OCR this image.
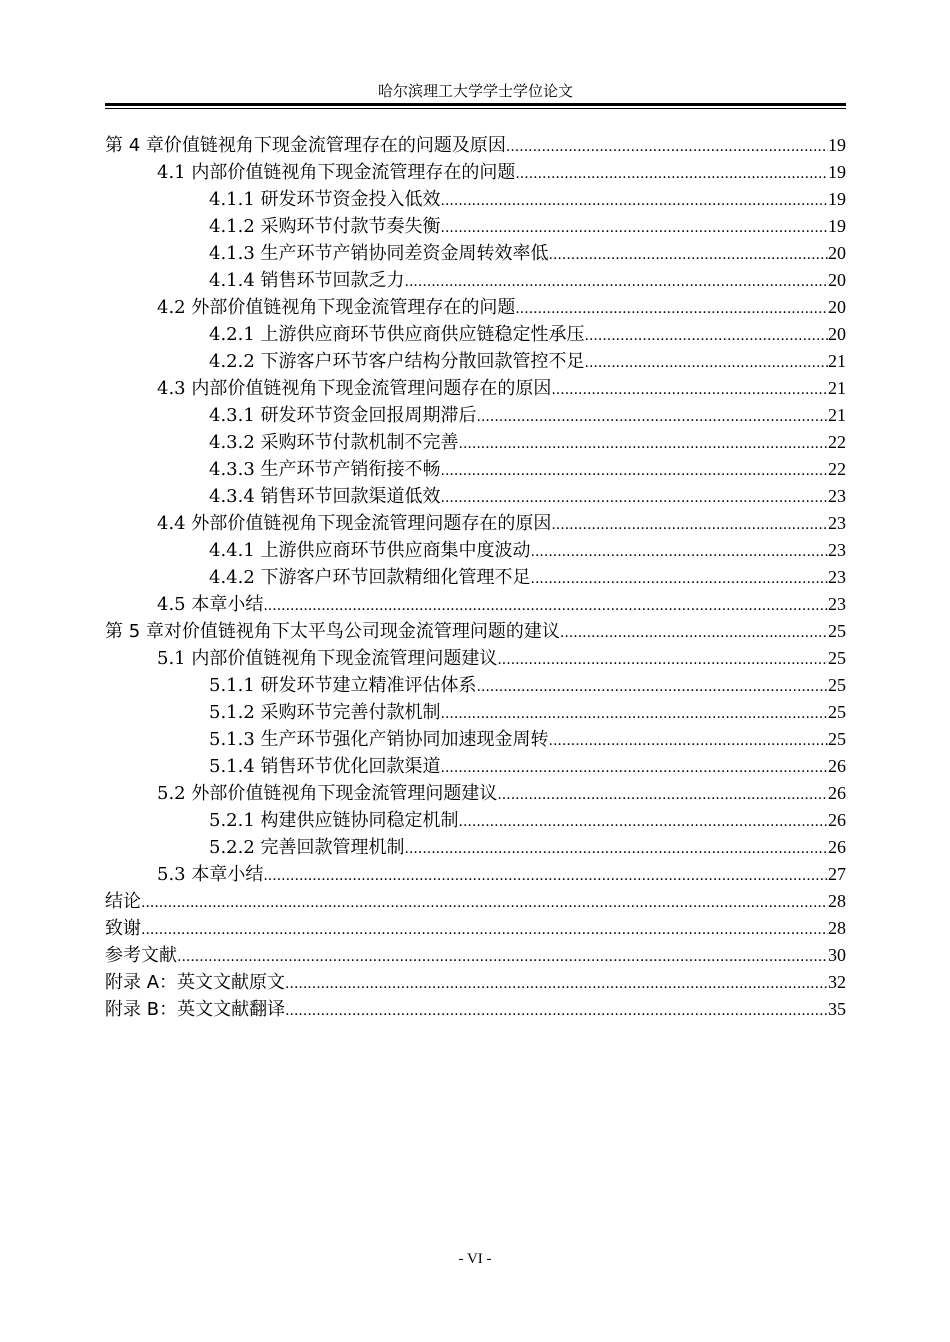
哈尔滨理工大学学士学位论文
第 4 章价值链视角下现金流管理存在的问题及原因 .....	19
4.1 内部价值链视角下现金流管理存在的问题 .....	19
4.1.1 研发环节资金投入低效 .....	19
4.1.2 采购环节付款节奏失衡 .....	19
4.1.3 生产环节产销协同差资金周转效率低 .....	20
4.1.4 销售环节回款乏力 .....	20
4.2 外部价值链视角下现金流管理存在的问题 .....	20
4.2.1 上游供应商环节供应商供应链稳定性承压 .....	20
4.2.2 下游客户环节客户结构分散回款管控不足 .....	21
4.3 内部价值链视角下现金流管理问题存在的原因 .....	21
4.3.1 研发环节资金回报周期滞后 .....	21
4.3.2 采购环节付款机制不完善 .....	22
4.3.3 生产环节产销衔接不畅 .....	22
4.3.4 销售环节回款渠道低效 .....	23
4.4 外部价值链视角下现金流管理问题存在的原因 .....	23
4.4.1 上游供应商环节供应商集中度波动 .....	23
4.4.2 下游客户环节回款精细化管理不足 .....	23
4.5 本章小结 .....	23
第 5 章对价值链视角下太平鸟公司现金流管理问题的建议 .....	25
5.1 内部价值链视角下现金流管理问题建议 .....	25
5.1.1 研发环节建立精准评估体系 .....	25
5.1.2 采购环节完善付款机制 .....	25
5.1.3 生产环节强化产销协同加速现金周转 .....	25
5.1.4 销售环节优化回款渠道 .....	26
5.2 外部价值链视角下现金流管理问题建议 .....	26
5.2.1 构建供应链协同稳定机制 .....	26
5.2.2 完善回款管理机制 .....	26
5.3 本章小结 .....	27
结论 .....	28
致谢 .....	28
参考文献 .....	30
附录 A：英文文献原文 .....	32
附录 B：英文文献翻译 .....	35
- VI -
